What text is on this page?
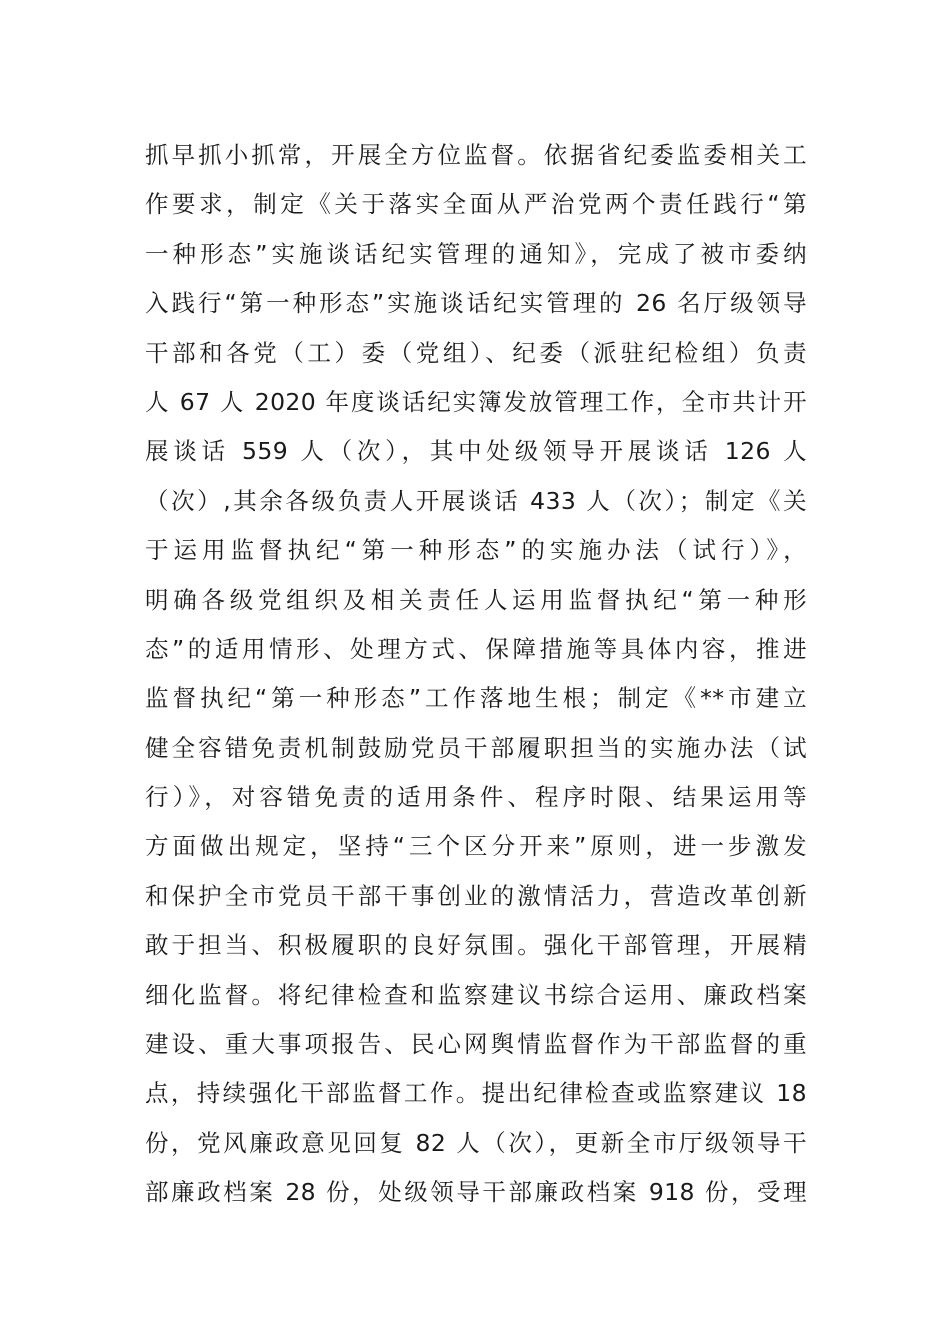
抓早抓小抓常，开展全方位监督。依据省纪委监委相关工
作要求，制定《关于落实全面从严治党两个责任践行“第
一种形态”实施谈话纪实管理的通知》，完成了被市委纳
入践行“第一种形态”实施谈话纪实管理的 26 名厅级领导
干部和各党（工）委（党组）、纪委（派驻纪检组）负责
人 67 人 2020 年度谈话纪实簿发放管理工作，全市共计开
展谈话 559 人（次），其中处级领导开展谈话 126 人
（次）,其余各级负责人开展谈话 433 人（次）；制定《关
于运用监督执纪“第一种形态”的实施办法（试行）》，
明确各级党组织及相关责任人运用监督执纪“第一种形
态”的适用情形、处理方式、保障措施等具体内容，推进
监督执纪“第一种形态”工作落地生根；制定《**市建立
健全容错免责机制鼓励党员干部履职担当的实施办法（试
行）》，对容错免责的适用条件、程序时限、结果运用等
方面做出规定，坚持“三个区分开来”原则，进一步激发
和保护全市党员干部干事创业的激情活力，营造改革创新
敢于担当、积极履职的良好氛围。强化干部管理，开展精
细化监督。将纪律检查和监察建议书综合运用、廉政档案
建设、重大事项报告、民心网舆情监督作为干部监督的重
点，持续强化干部监督工作。提出纪律检查或监察建议 18
份，党风廉政意见回复 82 人（次），更新全市厅级领导干
部廉政档案 28 份，处级领导干部廉政档案 918 份，受理
